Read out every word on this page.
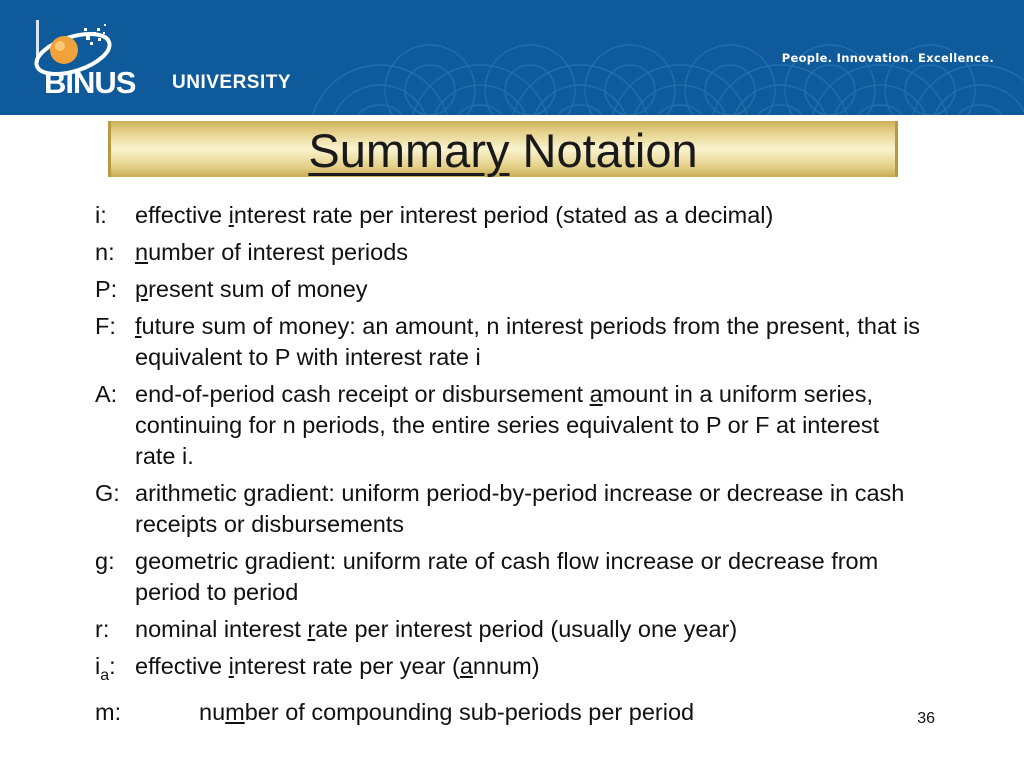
BINUS UNIVERSITY
People. Innovation. Excellence.
Summary Notation
i:	effective interest rate per interest period (stated as a decimal)
n: number of interest periods
P: present sum of money
F: future sum of money: an amount, n interest periods from the present, that is equivalent to P with interest rate i
A: end-of-period cash receipt or disbursement amount in a uniform series, continuing for n periods, the entire series equivalent to P or F at interest rate i.
G: arithmetic gradient: uniform period-by-period increase or decrease in cash receipts or disbursements
g: geometric gradient: uniform rate of cash flow increase or decrease from period to period
r:	nominal interest rate per interest period (usually one year)
$i_a$: effective interest rate per year (annum)
m:	number of compounding sub-periods per period	36
